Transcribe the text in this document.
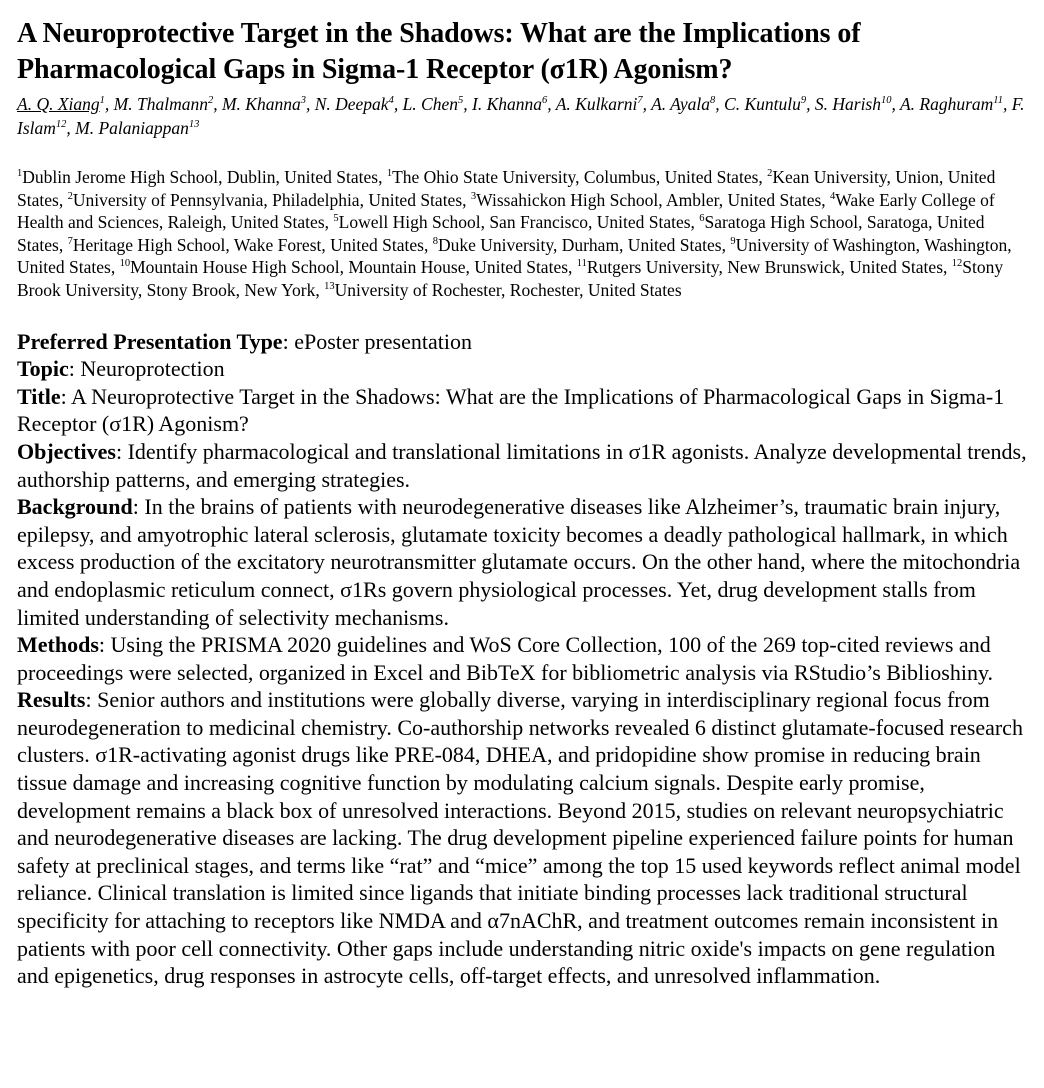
A Neuroprotective Target in the Shadows: What are the Implications of Pharmacological Gaps in Sigma-1 Receptor (σ1R) Agonism?
A. Q. Xiang$^1$, M. Thalmann$^2$, M. Khanna$^3$, N. Deepak$^4$, L. Chen$^5$, I. Khanna$^6$, A. Kulkarni$^7$, A. Ayala$^8$, C. Kuntulu$^9$, S. Harish$^{10}$, A. Raghuram$^{11}$, F. Islam$^{12}$, M. Palaniappan$^{13}$
$^1$Dublin Jerome High School, Dublin, United States, $^1$The Ohio State University, Columbus, United States, $^2$Kean University, Union, United States, $^2$University of Pennsylvania, Philadelphia, United States, $^3$Wissahickon High School, Ambler, United States, $^4$Wake Early College of Health and Sciences, Raleigh, United States, $^5$Lowell High School, San Francisco, United States, $^6$Saratoga High School, Saratoga, United States, $^7$Heritage High School, Wake Forest, United States, $^8$Duke University, Durham, United States, $^9$University of Washington, Washington, United States, $^{10}$Mountain House High School, Mountain House, United States, $^{11}$Rutgers University, New Brunswick, United States, $^{12}$Stony Brook University, Stony Brook, New York, $^{13}$University of Rochester, Rochester, United States

Preferred Presentation Type: ePoster presentation

Topic: Neuroprotection

Title: A Neuroprotective Target in the Shadows: What are the Implications of Pharmacological Gaps in Sigma-1 Receptor (σ1R) Agonism?

Objectives: Identify pharmacological and translational limitations in σ1R agonists. Analyze developmental trends, authorship patterns, and emerging strategies.

Background: In the brains of patients with neurodegenerative diseases like Alzheimer’s, traumatic brain injury, epilepsy, and amyotrophic lateral sclerosis, glutamate toxicity becomes a deadly pathological hallmark, in which excess production of the excitatory neurotransmitter glutamate occurs. On the other hand, where the mitochondria and endoplasmic reticulum connect, σ1Rs govern physiological processes. Yet, drug development stalls from limited understanding of selectivity mechanisms.

Methods: Using the PRISMA 2020 guidelines and WoS Core Collection, 100 of the 269 top-cited reviews and proceedings were selected, organized in Excel and BibTeX for bibliometric analysis via RStudio’s Biblioshiny.

Results: Senior authors and institutions were globally diverse, varying in interdisciplinary regional focus from neurodegeneration to medicinal chemistry. Co-authorship networks revealed 6 distinct glutamate-focused research clusters. σ1R-activating agonist drugs like PRE-084, DHEA, and pridopidine show promise in reducing brain tissue damage and increasing cognitive function by modulating calcium signals. Despite early promise, development remains a black box of unresolved interactions. Beyond 2015, studies on relevant neuropsychiatric and neurodegenerative diseases are lacking. The drug development pipeline experienced failure points for human safety at preclinical stages, and terms like “rat” and “mice” among the top 15 used keywords reflect animal model reliance. Clinical translation is limited since ligands that initiate binding processes lack traditional structural specificity for attaching to receptors like NMDA and α7nAChR, and treatment outcomes remain inconsistent in patients with poor cell connectivity. Other gaps include understanding nitric oxide's impacts on gene regulation and epigenetics, drug responses in astrocyte cells, off-target effects, and unresolved inflammation.
